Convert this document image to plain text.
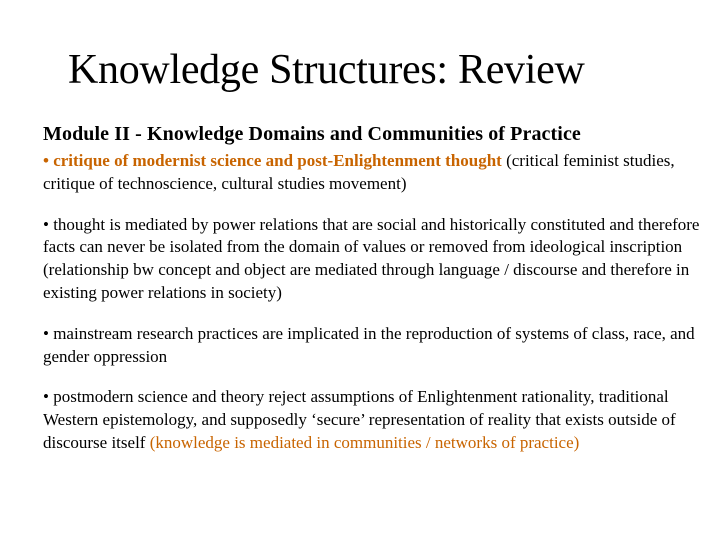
Knowledge Structures: Review
Module II - Knowledge Domains and Communities of Practice

• critique of modernist science and post-Enlightenment thought (critical feminist studies, critique of technoscience, cultural studies movement)

• thought is mediated by power relations that are social and historically constituted and therefore facts can never be isolated from the domain of values or removed from ideological inscription (relationship bw concept and object are mediated through language / discourse and therefore in existing power relations in society)

• mainstream research practices are implicated in the reproduction of systems of class, race, and gender oppression

• postmodern science and theory reject assumptions of Enlightenment rationality, traditional Western epistemology, and supposedly ‘secure’ representation of reality that exists outside of discourse itself (knowledge is mediated in communities / networks of practice)
